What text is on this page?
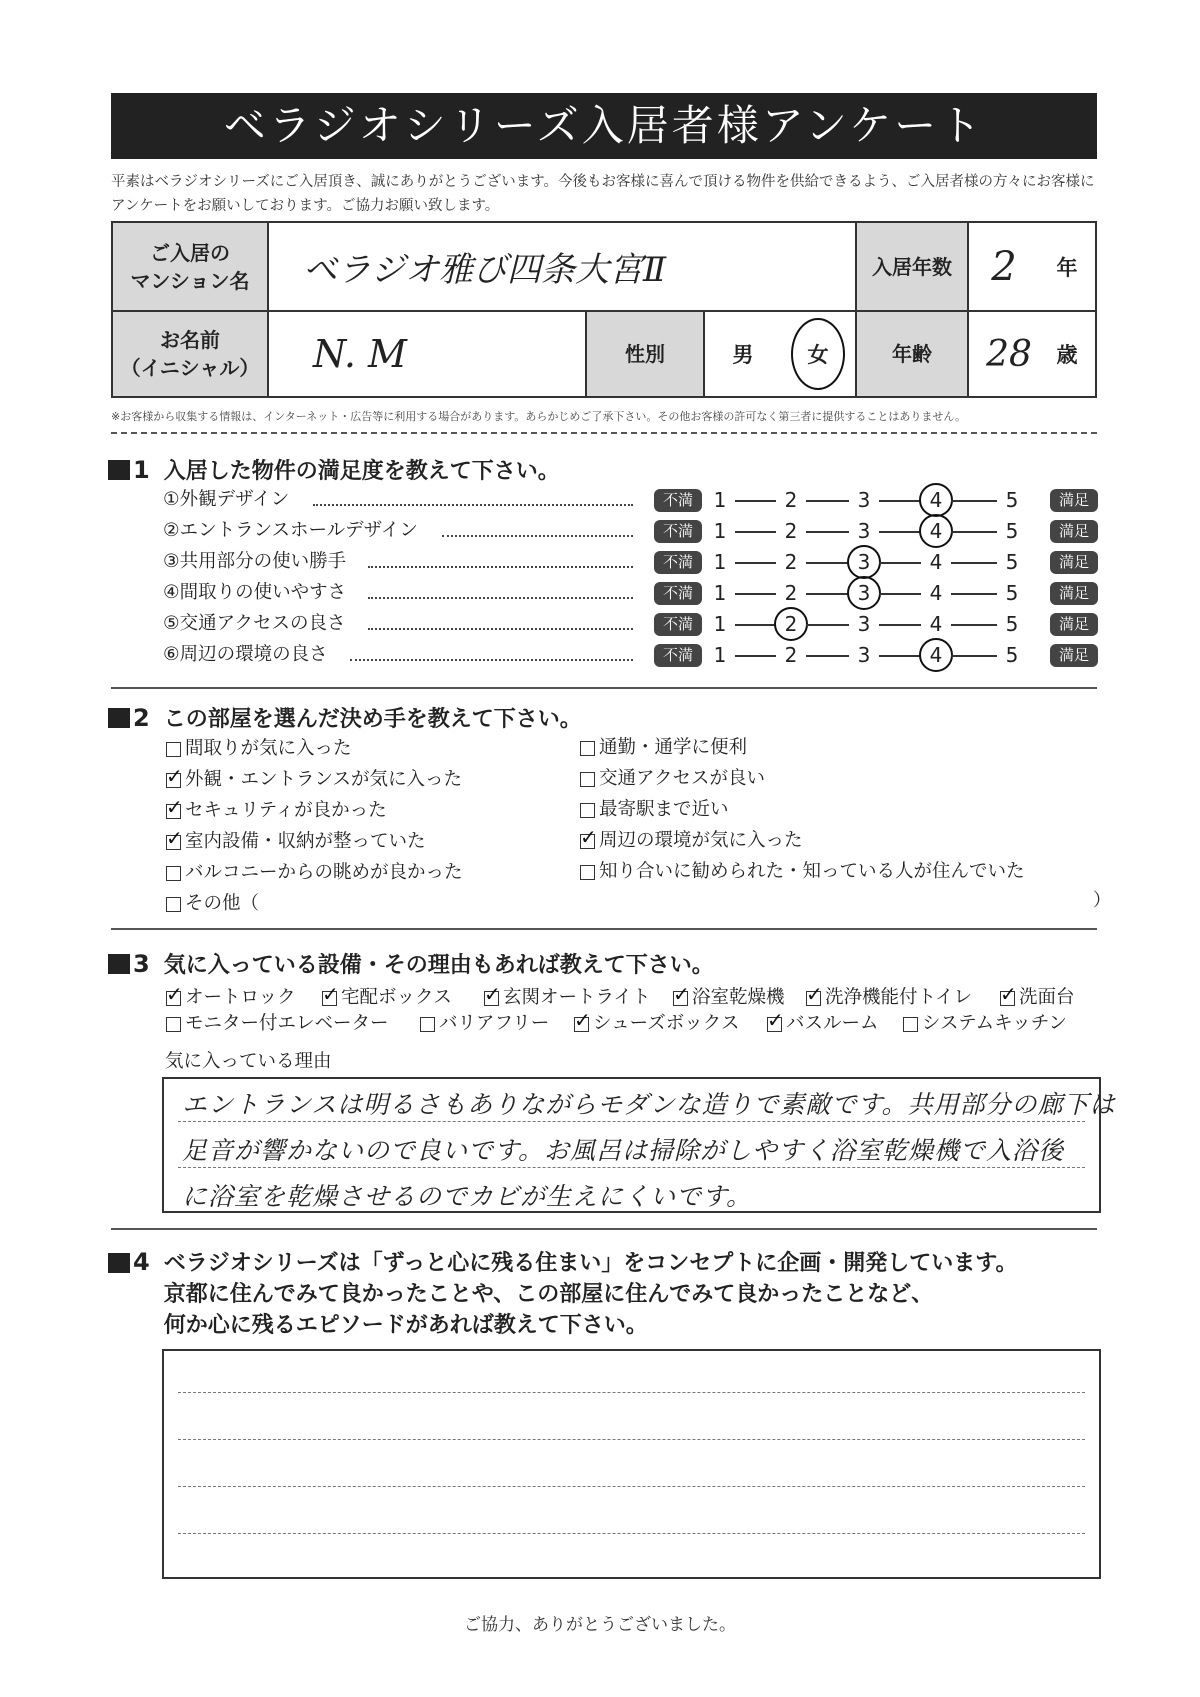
ベラジオシリーズ入居者様アンケート
平素はベラジオシリーズにご入居頂き、誠にありがとうございます。今後もお客様に喜んで頂ける物件を供給できるよう、ご入居者様の方々にお客様にアンケートをお願いしております。ご協力お願い致します。
ご入居の
マンション名	ベラジオ雅び四条大宮Ⅱ	入居年数 2	年
お名前
（イニシャル）	N. M	性別	男	女	年齢	28	歳
※お客様から収集する情報は、インターネット・広告等に利用する場合があります。あらかじめご了承下さい。その他お客様の許可なく第三者に提供することはありません。
1 入居した物件の満足度を教えて下さい。
①外観デザイン	不満	1	2	3	4	5	満足
②エントランスホールデザイン	不満	1	2	3	4	5	満足
③共用部分の使い勝手	不満	1	2	3	4	5	満足
④間取りの使いやすさ	不満	1	2	3	4	5	満足
⑤交通アクセスの良さ	不満	1	2	3	4	5	満足
⑥周辺の環境の良さ	不満	1	2	3	4	5	満足
2 この部屋を選んだ決め手を教えて下さい。
間取りが気に入った
✓
外観・エントランスが気に入った
✓
セキュリティが良かった
✓
室内設備・収納が整っていた
バルコニーからの眺めが良かった
その他（
通勤・通学に便利
交通アクセスが良い
最寄駅まで近い
✓
周辺の環境が気に入った
知り合いに勧められた・知っている人が住んでいた
）
3 気に入っている設備・その理由もあれば教えて下さい。
✓
オートロック ✓ 宅配ボックス ✓	玄関オートライト ✓ 浴室乾燥機 ✓ 洗浄機能付トイレ ✓	洗面台
モニター付エレベーター	バリアフリー ✓ シューズボックス ✓	バスルーム システムキッチン
気に入っている理由
エントランスは明るさもありながらモダンな造りで素敵です。共用部分の廊下は
足音が響かないので良いです。お風呂は掃除がしやすく浴室乾燥機で入浴後
に浴室を乾燥させるのでカビが生えにくいです。
4 ベラジオシリーズは「ずっと心に残る住まい」をコンセプトに企画・開発しています。
京都に住んでみて良かったことや、この部屋に住んでみて良かったことなど、
何か心に残るエピソードがあれば教えて下さい。
ご協力、ありがとうございました。
